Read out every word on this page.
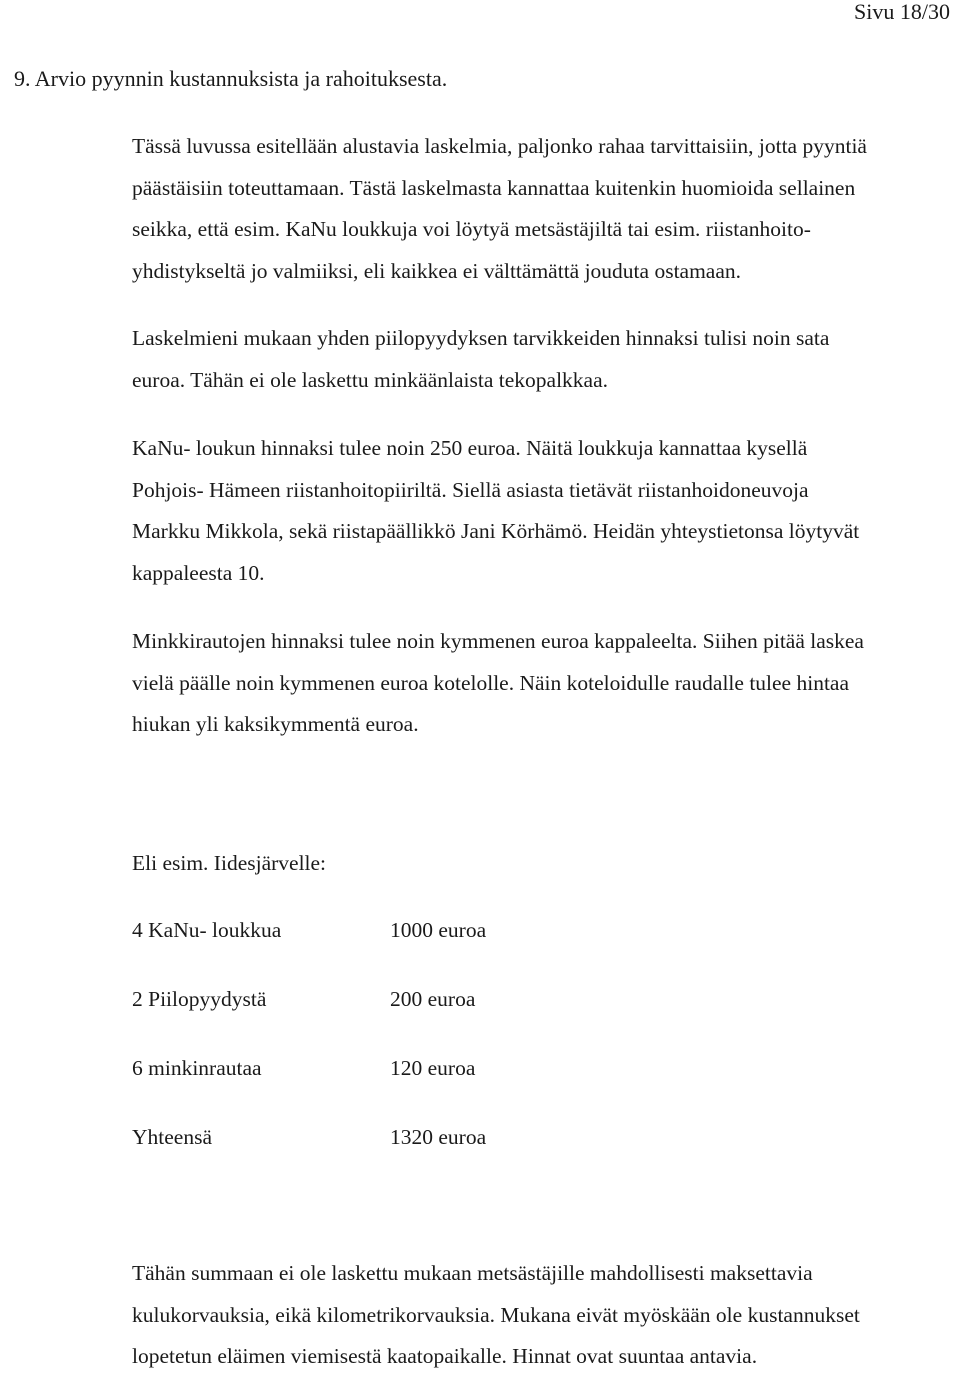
Sivu 18/30
9. Arvio pyynnin kustannuksista ja rahoituksesta.

Tässä luvussa esitellään alustavia laskelmia, paljonko rahaa tarvittaisiin, jotta pyyntiä
päästäisiin toteuttamaan. Tästä laskelmasta kannattaa kuitenkin huomioida sellainen
seikka, että esim. KaNu loukkuja voi löytyä metsästäjiltä tai esim. riistanhoito-
yhdistykseltä jo valmiiksi, eli kaikkea ei välttämättä jouduta ostamaan.

Laskelmieni mukaan yhden piilopyydyksen tarvikkeiden hinnaksi tulisi noin sata
euroa. Tähän ei ole laskettu minkäänlaista tekopalkkaa.

KaNu- loukun hinnaksi tulee noin 250 euroa. Näitä loukkuja kannattaa kysellä
Pohjois- Hämeen riistanhoitopiiriltä. Siellä asiasta tietävät riistanhoidoneuvoja
Markku Mikkola, sekä riistapäällikkö Jani Körhämö. Heidän yhteystietonsa löytyvät
kappaleesta 10.

Minkkirautojen hinnaksi tulee noin kymmenen euroa kappaleelta. Siihen pitää laskea
vielä päälle noin kymmenen euroa kotelolle. Näin koteloidulle raudalle tulee hintaa
hiukan yli kaksikymmentä euroa.

Eli esim. Iidesjärvelle:

4 KaNu- loukkua	1000 euroa
2 Piilopyydystä	200 euroa
6 minkinrautaa	120 euroa
Yhteensä	1320 euroa

Tähän summaan ei ole laskettu mukaan metsästäjille mahdollisesti maksettavia
kulukorvauksia, eikä kilometrikorvauksia. Mukana eivät myöskään ole kustannukset
lopetetun eläimen viemisestä kaatopaikalle. Hinnat ovat suuntaa antavia.
